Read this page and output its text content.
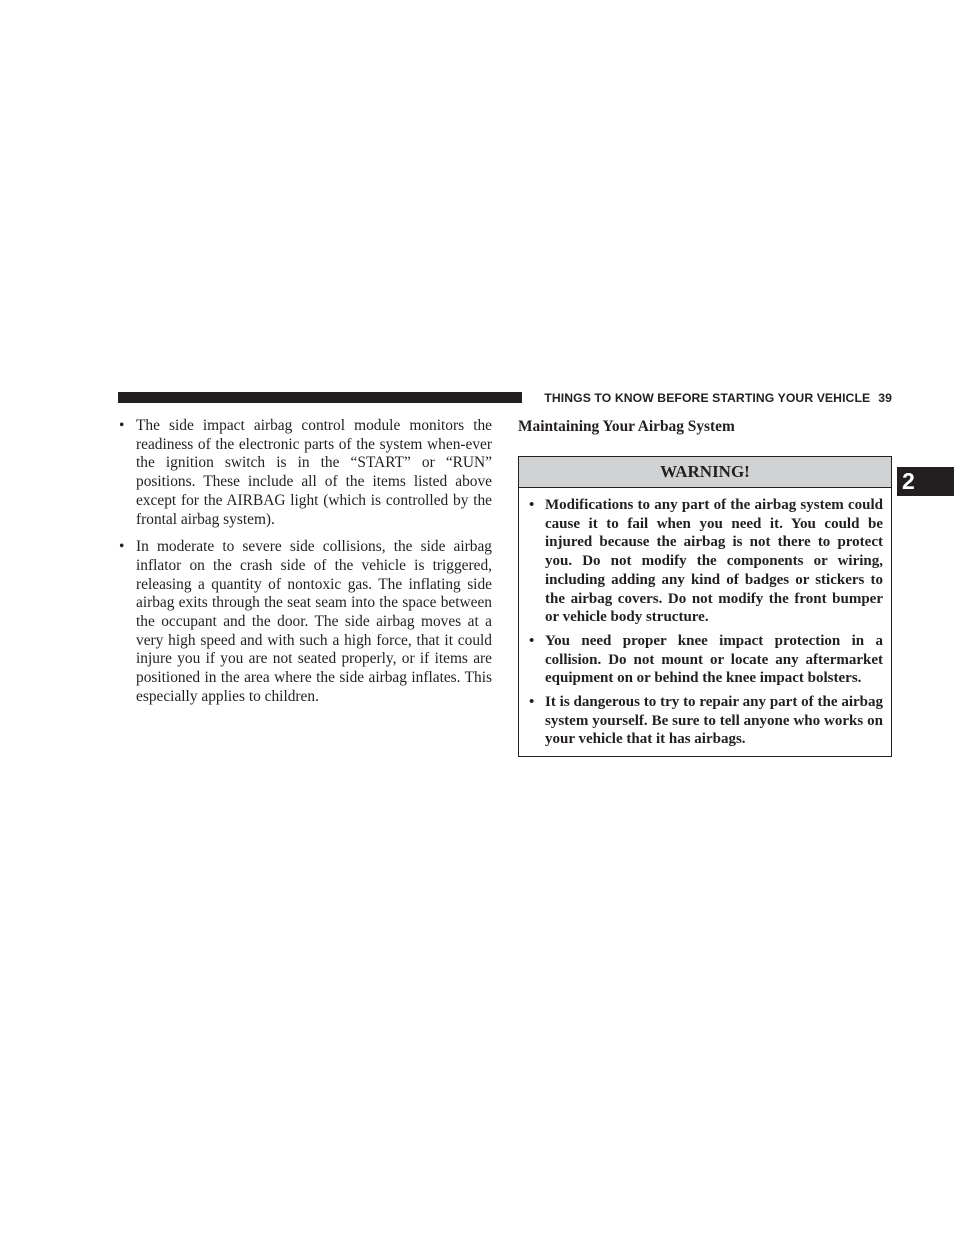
THINGS TO KNOW BEFORE STARTING YOUR VEHICLE 39
2
• The side impact airbag control module monitors the readiness of the electronic parts of the system when-ever the ignition switch is in the “START” or “RUN” positions. These include all of the items listed above except for the AIRBAG light (which is controlled by the frontal airbag system).
• In moderate to severe side collisions, the side airbag inflator on the crash side of the vehicle is triggered, releasing a quantity of nontoxic gas. The inflating side airbag exits through the seat seam into the space between the occupant and the door. The side airbag moves at a very high speed and with such a high force, that it could injure you if you are not seated properly, or if items are positioned in the area where the side airbag inflates. This especially applies to children.
Maintaining Your Airbag System
WARNING!
• Modifications to any part of the airbag system could cause it to fail when you need it. You could be injured because the airbag is not there to protect you. Do not modify the components or wiring, including adding any kind of badges or stickers to the airbag covers. Do not modify the front bumper or vehicle body structure.
• You need proper knee impact protection in a collision. Do not mount or locate any aftermarket equipment on or behind the knee impact bolsters.
• It is dangerous to try to repair any part of the airbag system yourself. Be sure to tell anyone who works on your vehicle that it has airbags.
